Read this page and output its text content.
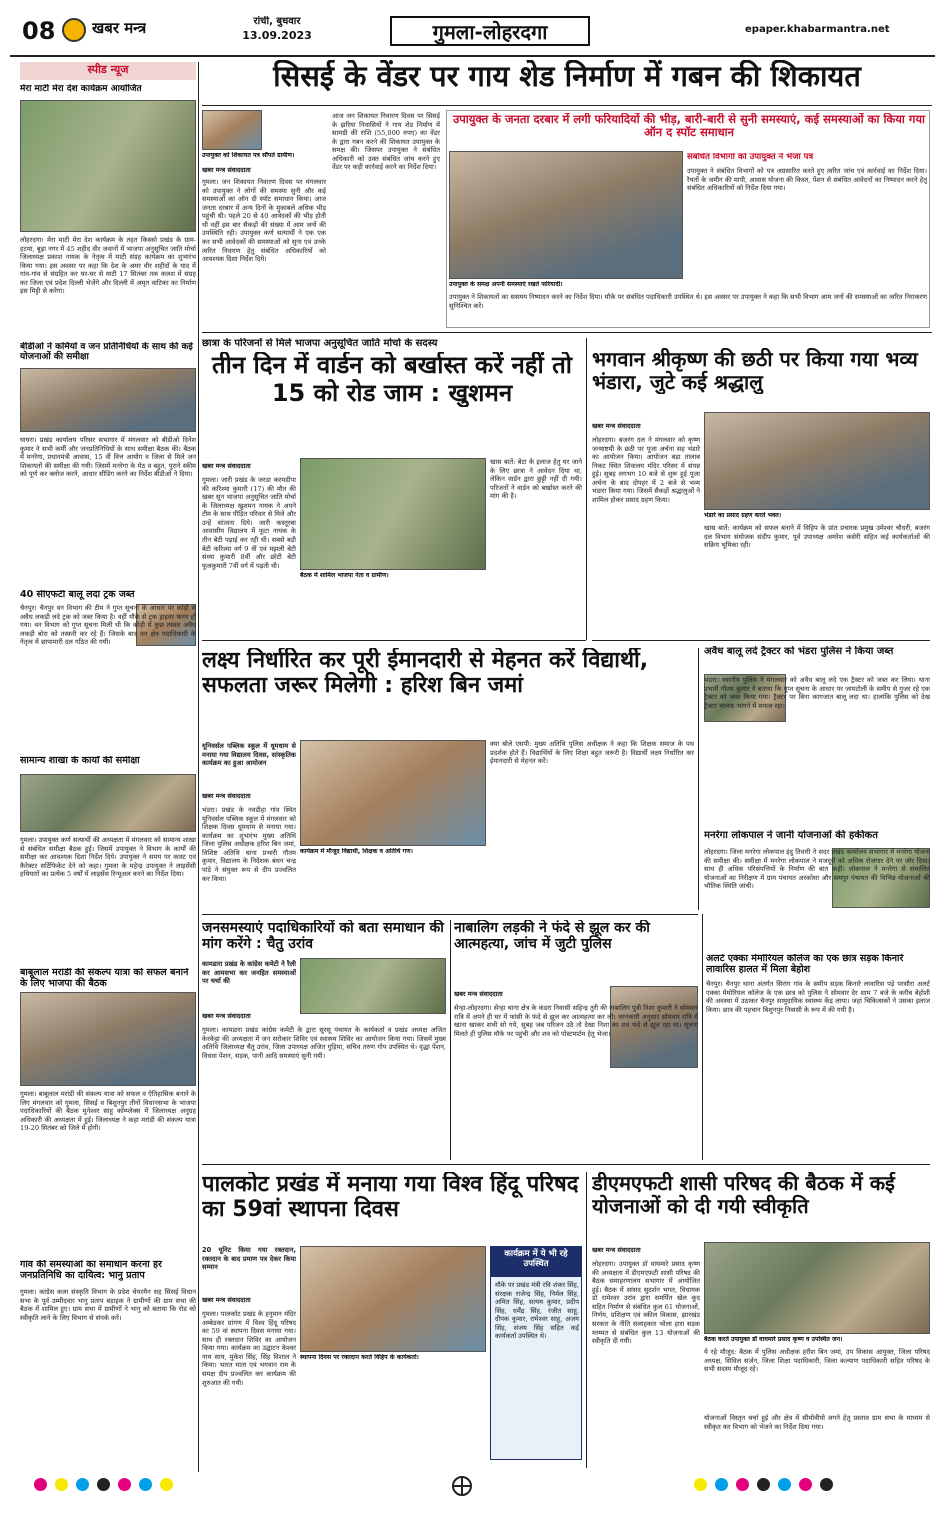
08 खबर मन्त्र	रांची, बुधवार
13.09.2023	गुमला-लोहरदगा	epaper.khabarmantra.net
स्पीड न्यूज
मेरा माटी मेरा देश कार्यक्रम आयोजित
लोहरदगा। मेरा माटी मेरा देश कार्यक्रम के तहत किस्को प्रखंड के ग्राम- हटमा, बूढ़ा नगर में 45 शहीद वीर जवानों में भाजपा अनुसूचित जाति मोर्चा जिलाध्यक्ष प्रकाश नायक के नेतृत्व में माटी संग्रह कार्यक्रम का शुभारंभ किया गया। इस अवसर पर कहा कि देश के अमर वीर शहीदों के याद में गांव-गांव से संग्रहित कर घर-घर से माटी 17 सितंबर तक कलश में संग्रह कर जिला एवं प्रदेश दिल्ली भेजेंगे और दिल्ली में अमृत वाटिका का निर्माण इस मिट्टी से करेगा।
बीडीओ ने कर्मियों व जन प्रतिनिधियों के साथ की कई योजनाओं की समीक्षा
घाघरा। प्रखंड कार्यालय परिसर सभागार में मंगलवार को बीडीओ दिनेश कुमार ने सभी कर्मी और जनप्रतिनिधियों के साथ समीक्षा बैठक की। बैठक में मनरेगा, प्रधानमंत्री आवास, 15 वीं वित्त आयोग व जिला से मिले जन शिकायतों की समीक्षा की गयी। जिसमें मनरेगा के मेठ व बहुत, पुराने स्कीम को पूर्ण कर क्लोज करने, आधार सीडिंग करने का निर्देश बीडीओ ने दिया।
40 सीएफटी बालू लदा ट्रक जब्त
चैनपुर। चैनपुर वन विभाग की टीम ने गुप्त सूचना के आधार पर कोड़ी से अवैध लकड़ी लदे ट्रक को जब्त किया है। वहीं मौके से ट्रक ड्राइवर फरार हो गया। वन विभाग को गुप्त सूचना मिली थी कि कोड़ी में कुछ तस्कर अवैध लकड़ी बोरा को तस्करी कर रहे हैं। जिसके बाद वन क्षेत्र पदाधिकारी के नेतृत्व में छापामारी दल गठित की गयी।
सामान्य शाखा के कार्यों की समीक्षा
गुमला। उपायुक्त कर्ण सत्यार्थी की अध्यक्षता में मंगलवार को सामान्य शाखा से संबंधित समीक्षा बैठक हुई। जिसमें उपायुक्त ने विभाग के कार्यों की समीक्षा कर आवश्यक दिशा निर्देश दिये। उपायुक्त ने समय पर कास्ट एवं कैरेक्टर सर्टिफिकेट देने को कहा। गुमला के महेन्द्र उपायुक्त ने लाइसेंसी हथियारों का प्रत्येक 5 वर्षों में लाइसेंस रिन्यूअल करने का निर्देश दिया।
बाबूलाल मरांडी की संकल्प यात्रा को सफल बनाने के लिए भाजपा की बैठक
गुमला। बाबूलाल मरांडी की संकल्प यात्रा को सफल व ऐतिहासिक बनाने के लिए मंगलवार को गुमला, सिसई व बिशुनपुर तीनों विधानसभा के भाजपा पदाधिकारियों की बैठक मुनेश्वर साहू कॉम्प्लेक्स में जिलाध्यक्ष अनुग्रह अधिकारी की अध्यक्षता में हुई। जिलाध्यक्ष ने कहा मरांडी की संकल्प यात्रा 19-20 सितंबर को जिले में होगी।
गांव की समस्याओं का समाधान करना हर जनप्रतिनिधि का दायित्व: भानु प्रताप
गुमला। कांग्रेस कला संस्कृति विभाग के प्रदेश चेयरमैन सह सिसई विधान सभा के पूर्व उम्मीदवार भानु प्रताप बड़ाइक ने ग्रामीणों की ग्राम सभा की बैठक में शामिल हुए। ग्राम सभा में ग्रामीणों ने भानु को बताया कि रोड को स्वीकृति लाने के लिए विभाग से संपर्क करें।
सिसई के वेंडर पर गाय शेड निर्माण में गबन की शिकायत
उपायुक्त को शिकायत पत्र सौंपते ग्रामीण।
खबर मन्त्र संवाददाता
गुमला। जन शिकायत निवारण दिवस पर मंगलवार को उपायुक्त ने लोगों की समस्या सुनी और कई समस्याओं का ऑन दी स्पॉट समाधान किया। आज जनता दरबार में अन्य दिनों के मुकाबले अधिक भीड़ पहुंची थी। पहले 20 से 40 आवेदकों की भीड़ होती थी वहीं इस बार सैकड़ों की संख्या में आम जनों की उपस्थिति रही। उपायुक्त कर्ण सत्यार्थी ने एक एक कर सभी आवेदकों की समस्याओं को सुना एवं उनके त्वरित निवारण हेतु संबंधित अधिकारियों को आवश्यक दिशा निर्देश दिये।
आज जन शिकायत निवारण दिवस पर सिसई के झरिया निवासियों ने गाय शेड निर्माण में सामग्री की राशि (55,000 रुपए) का वेंडर के द्वारा गबन करने की शिकायत उपायुक्त के समक्ष की। जिसपर उपायुक्त ने संबंधित अधिकारी को उक्त संबंधित जांच करने हुए वेंडर पर कड़ी कार्रवाई करने का निर्देश दिया।
उपायुक्त के जनता दरबार में लगी फरियादियों की भीड़, बारी-बारी से सुनी समस्याएं, कई समस्याओं का किया गया ऑन द स्पॉट समाधान
उपायुक्त के समक्ष अपनी समस्याएं रखते फरियादी।
संबंधित विभागों को उपायुक्त ने भेजा पत्र
उपायुक्त ने संबंधित विभागों को पत्र अग्रसारित करते हुए त्वरित जांच एवं कार्रवाई का निर्देश दिया। रैयतों के जमीन की मापी, आवास योजना की किस्त, पेंशन से संबंधित आवेदनों का निष्पादन करने हेतु संबंधित अधिकारियों को निर्देश दिया गया।
उपायुक्त ने शिकायतों का ससमय निष्पादन करने का निर्देश दिया। मौके पर संबंधित पदाधिकारी उपस्थित थे। इस अवसर पर उपायुक्त ने कहा कि सभी विभाग आम जनों की समस्याओं का त्वरित निराकरण सुनिश्चित करें।
छात्रा के परिजनों से मिले भाजपा अनुसूचित जाति मोर्चा के सदस्य
तीन दिन में वार्डन को बर्खास्त करें नहीं तो 15 को रोड जाम : खुशमन
खबर मन्त्र संवाददाता
गुमला। जारी प्रखंड के जरडा करमडीपा की करिश्मा कुमारी (17) की मौत की खबर सुन भाजपा अनुसूचित जाति मोर्चा के जिलाध्यक्ष खुशमन नायक ने अपने टीम के साथ पीड़ित परिवार से मिले और उन्हें सांत्वना दिये। जारी कस्तूरबा आवासीय विद्यालय में फूटा नायक के तीन बेटी पढ़ाई कर रही थी। सबसे बड़ी बेटी करिश्मा वर्ग 9 वीं एवं मझली बेटी संध्या कुमारी 8वीं और छोटी बेटी फूलकुमारी 7वीं वर्ग में पढ़ती थी।
बैठक में शामिल भाजपा नेता व ग्रामीण।
खास बातें: बेटा के इलाज हेतु घर जाने के लिए छात्रा ने आवेदन दिया था, लेकिन वार्डन द्वारा छुट्टी नहीं दी गयी। परिजनों ने वार्डन को बर्खास्त करने की मांग की है।
भगवान श्रीकृष्ण की छठी पर किया गया भव्य भंडारा, जुटे कई श्रद्धालु
खबर मन्त्र संवाददाता
लोहरदगा। बजरंग दल ने मंगलवार को कृष्ण जन्माष्टमी के छठी पर पूजा अर्चना सह भंडारे का आयोजन किया। आयोजन बड़ा तालाब निकट स्थित शिवालय मंदिर परिसर में संपन्न हुई। सुबह लगभग 10 बजे से शुरू हुई पूजा अर्चना के बाद दोपहर में 2 बजे से भव्य भंडारा किया गया। जिसमें सैकड़ों श्रद्धालुओं ने शामिल होकर प्रसाद ग्रहण किया।
भंडारे का प्रसाद ग्रहण करते भक्त।
खास बातें: कार्यक्रम को सफल बनाने में विहिप के प्रांत प्रचारक प्रमुख उमेश्वर चौधरी, बजरंग दल विभाग संयोजक संदीप कुमार, पूर्व उपाध्यक्ष अमरेश कसेरी सहित कई कार्यकर्ताओं की सक्रिय भूमिका रही।
लक्ष्य निर्धारित कर पूरी ईमानदारी से मेहनत करें विद्यार्थी, सफलता जरूर मिलेगी : हरिश बिन जमां
यूनिवर्सल पब्लिक स्कूल में धूमधाम से मनाया गया विद्यालय दिवस, सांस्कृतिक कार्यक्रम का हुआ आयोजन
खबर मन्त्र संवाददाता
भंडरा। प्रखंड के नवडीहा गांव स्थित यूनिवर्सल पब्लिक स्कूल में मंगलवार को शिक्षक दिवस धूमधाम से मनाया गया। कार्यक्रम का शुभारंभ मुख्य अतिथि जिला पुलिस अधीक्षक हरिश बिन जमां, विशिष्ट अतिथि थाना प्रभारी गौतम कुमार, विद्यालय के निदेशक बंधन चन्द्र पांडे ने संयुक्त रूप से दीप प्रज्वलित कर किया।
कार्यक्रम में मौजूद विद्यार्थी, शिक्षक व अतिथि गण।
क्या बोले एसपी: मुख्य अतिथि पुलिस अधीक्षक ने कहा कि शिक्षक समाज के पथ प्रदर्शक होते हैं। विद्यार्थियों के लिए शिक्षा बहुत जरूरी है। विद्यार्थी लक्ष्य निर्धारित कर ईमानदारी से मेहनत करें।
अवैध बालू लदे ट्रैक्टर को भंडरा पुलिस ने किया जब्त
भंडरा। स्थानीय पुलिस ने मंगलवार को अवैध बालू लदे एक ट्रैक्टर को जब्त कर लिया। थाना प्रभारी गौतम कुमार ने बताया कि गुप्त सूचना के आधार पर जामटोली के समीप से गुजर रहे एक ट्रैक्टर को जब्त किया गया। ट्रैक्टर पर बिना कागजात बालू लदा था। हालांकि पुलिस को देख ट्रैक्टर चालक भागने में सफल रहा।
मनरेगा लोकपाल ने जानी योजनाओं की हकीकत
लोहरदगा। जिला मनरेगा लोकपाल इंदु तिवारी ने सदर प्रखंड कार्यालय सभागार में मनरेगा योजना की समीक्षा की। समीक्षा में मनरेगा लोकपाल ने मजदूरों को अधिक रोजगार देने पर जोर दिया। साथ ही अधिक परिसंपत्तियों के निर्माण की बात कही। लोकपाल ने मनरेगा से संचालित योजनाओं का निरीक्षण में ग्राम पंचायत अरकोसा और समपुर पंचायत की विभिन्न योजनाओं की भौतिक स्थिति जांची।
जनसमस्याएं पदाधिकारियों को बता समाधान की मांग करेंगे : चैतु उरांव
कामडारा प्रखंड के कांग्रेस कमेटी ने रैली कर आमसभा कर जनहित समस्याओं पर चर्चा की
खबर मन्त्र संवाददाता
गुमला। कामडारा प्रखंड कांग्रेस कमेटी के द्वारा सुरसू पंचायत के कार्यकर्ता व प्रखंड अध्यक्ष अजित केरकेट्टा की अध्यक्षता में जन सरोकार शिविर एवं स्वास्थ्य शिविर का आयोजन किया गया। जिसमें मुख्य अतिथि जिलाध्यक्ष चैतु उरांव, जिला उपाध्यक्ष अजित गुड़िया, सचिव तरुण गोप उपस्थित थे। वृद्धा पेंशन, विधवा पेंशन, सड़क, पानी आदि समस्याएं सुनी गयी।
नाबालिग लड़की ने फंदे से झूल कर की आत्महत्या, जांच में जुटी पुलिस
खबर मन्त्र संवाददाता
सेन्हा-लोहरदगा। सेन्हा थाना क्षेत्र के कंडरा निवासी सहिन्द्र तुरी की नाबालिग पुत्री निशा कुमारी ने सोमवार रात्रि में अपने ही घर में फांसी के फंदे से झूल कर आत्महत्या कर ली। जानकारी अनुसार सोमवार रात्रि में खाना खाकर सभी सो गये, सुबह जब परिजन उठे तो देखा निशा का शव फंदे से झूल रहा था। सूचना मिलते ही पुलिस मौके पर पहुंची और शव को पोस्टमार्टम हेतु भेजा।
अलर्ट एक्का मेमोरियल कॉलेज का एक छात्र सड़क किनारे लावारिस हालत में मिला बेहोश
चैनपुर। चैनपुर थाना अंतर्गत सिरांग गांव के समीप सड़क किनारे लावारिस पड़े परसौरा अलर्ट एक्का मेमोरियल कॉलेज के एक छात्र को पुलिस ने सोमवार देर शाम 7 बजे के करीब बेहोशी की अवस्था में उठाकर चैनपुर सामुदायिक स्वास्थ्य केंद्र लाया। जहां चिकित्सकों ने उसका इलाज किया। छात्र की पहचान बिशुनपुर निवासी के रूप में की गयी है।
पालकोट प्रखंड में मनाया गया विश्व हिंदू परिषद का 59वां स्थापना दिवस
20 यूनिट किया गया रक्तदान, रक्तदान के बाद प्रमाण पत्र देकर किया सम्मान
खबर मन्त्र संवाददाता
गुमला। पालकोट प्रखंड के हनुमान मंदिर अम्बेडकर प्रांगण में विश्व हिंदू परिषद का 59 वां स्थापना दिवस मनाया गया। साथ ही रक्तदान शिविर का आयोजन किया गया। कार्यक्रम का उद्घाटन केश्वर नाथ साय, मुकेश सिंह, सिंह विशाल ने किया। भारत माता एवं भगवान राम के समक्ष दीप प्रज्वलित कर कार्यक्रम की शुरुआत की गयी।
स्थापना दिवस पर रक्तदान करते विहिप के कार्यकर्ता।
कार्यक्रम में ये भी रहे उपस्थित
मौके पर प्रखंड मंत्री रवि शंकर सिंह, संरक्षक राजेन्द्र सिंह, निर्मल सिंह, अमित सिंह, सत्यम कुमार, प्रदीप सिंह, धर्मेंद्र सिंह, रंजीत साहू, दीपक कुमार, रामेश्वर साहू, अजय सिंह, संजय सिंह सहित कई कार्यकर्ता उपस्थित थे।
डीएमएफटी शासी परिषद की बैठक में कई योजनाओं को दी गयी स्वीकृति
खबर मन्त्र संवाददाता
लोहरदगा। उपायुक्त डॉ वाघमारे प्रसाद कृष्ण की अध्यक्षता में डीएमएफटी शासी परिषद की बैठक समाहरणालय सभागार में आयोजित हुई। बैठक में सांसद सुदर्शन भगत, विधायक डॉ रामेश्वर उरांव द्वारा समर्पित खेल कूद सहित निर्माण से संबंधित कुल 61 योजनाओं, निर्णय, प्रशिक्षण एवं स्कील विकास, झारखंड सरकार के नीति सलाहकार भोला हारा सड़क मरम्मत से संबंधित कुल 13 योजनाओं की स्वीकृति दी गयी।	बैठक करते उपायुक्त डॉ वाघमारे प्रसाद कृष्ण व उपस्थित जन।
ये रहे मौजूद: बैठक में पुलिस अधीक्षक हरीश बिन जमां, उप विकास आयुक्त, जिला परिषद अध्यक्ष, सिविल सर्जन, जिला शिक्षा पदाधिकारी, जिला कल्याण पदाधिकारी सहित परिषद के सभी सदस्य मौजूद रहे।
योजनाओं विस्तृत चर्चा हुई और क्षेत्र में सीमोवीयो लगने हेतु प्रस्ताव ग्राम सभा के माध्यम से स्वीकृत कर विभाग को भेजने का निर्देश दिया गया।
